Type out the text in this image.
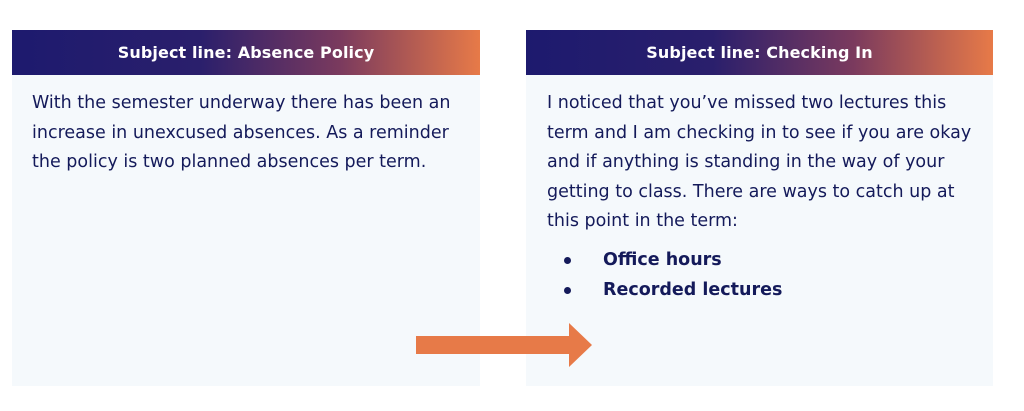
Subject line: Absence Policy
With the semester underway there has been an increase in unexcused absences. As a reminder the policy is two planned absences per term.
Subject line: Checking In
I noticed that you’ve missed two lectures this term and I am checking in to see if you are okay and if anything is standing in the way of your getting to class. There are ways to catch up at this point in the term:
Office hours
Recorded lectures
